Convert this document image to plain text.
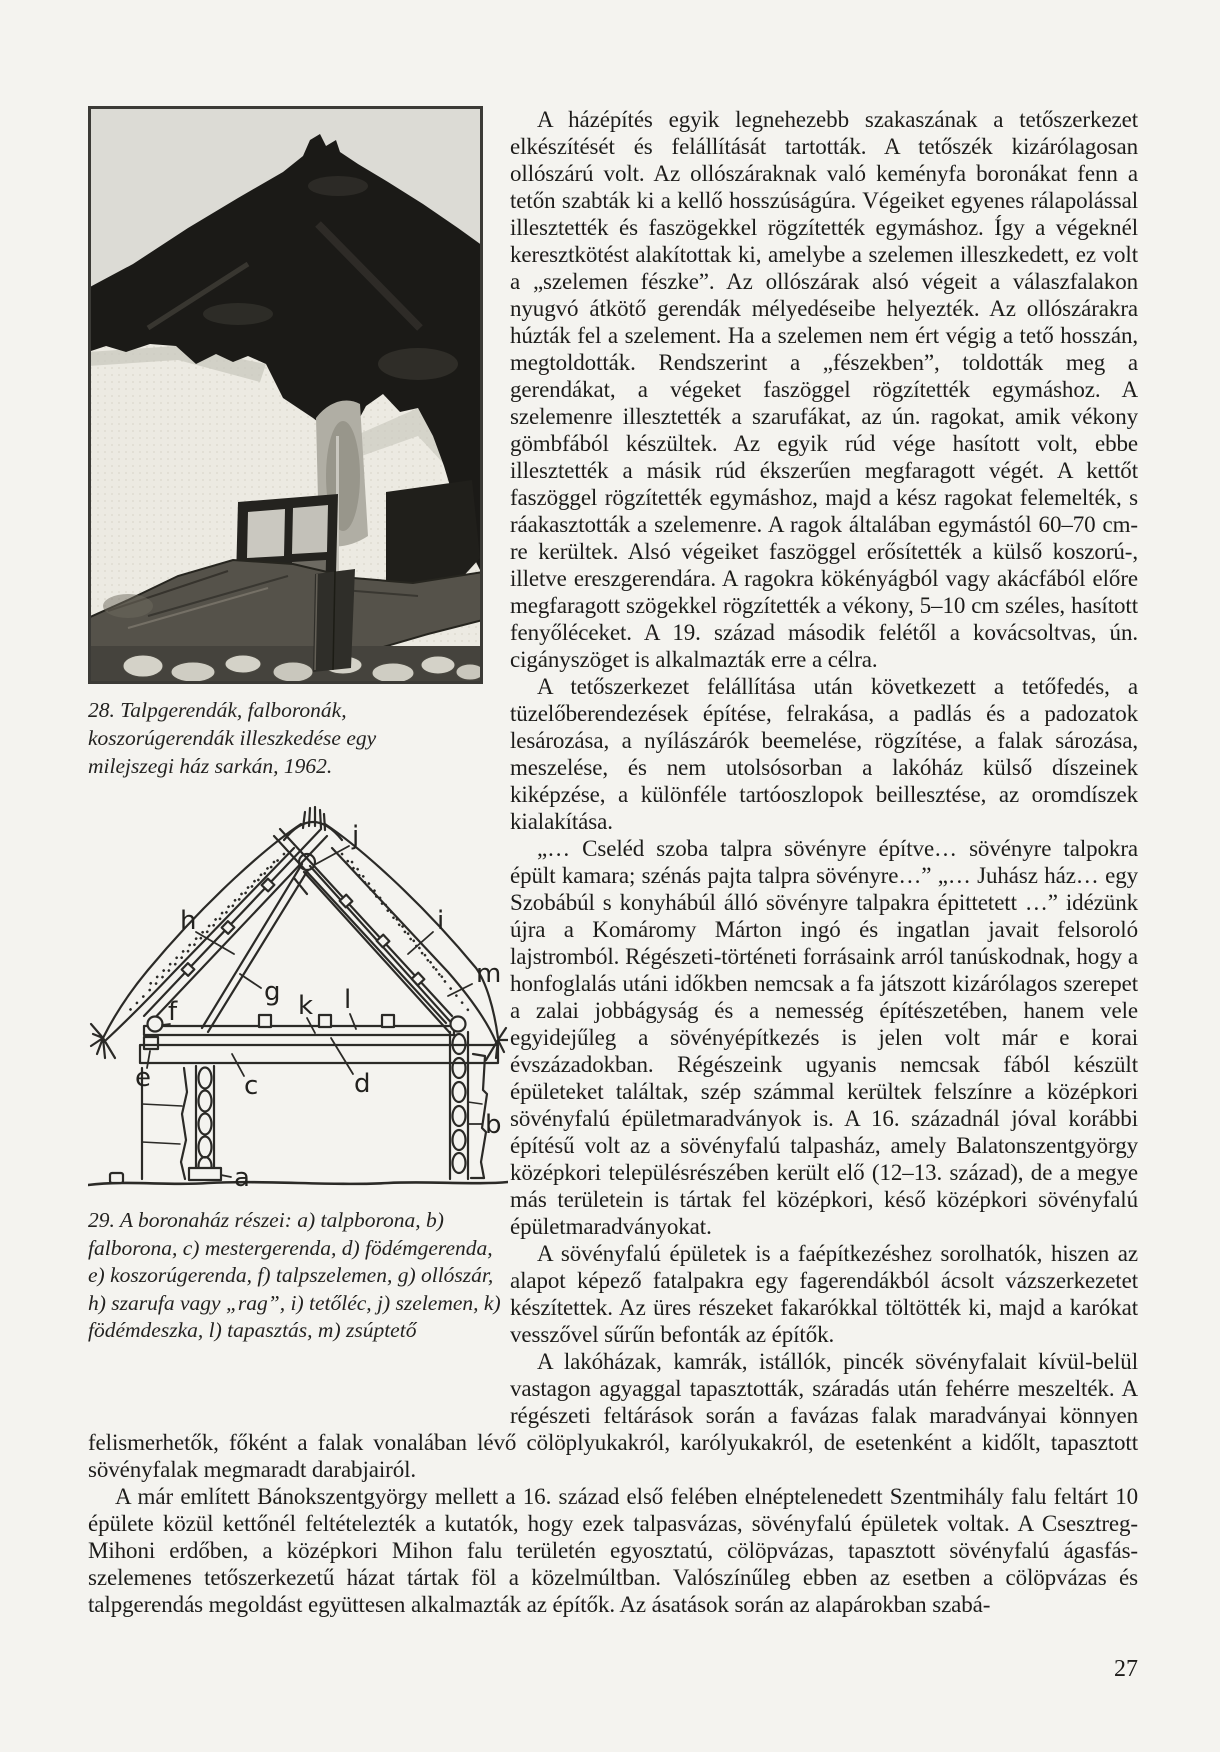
28. Talpgerendák, falboronák, koszorúgerendák illeszkedése egy milejszegi ház sarkán, 1962.
h
g
j
i
m
f
e
k l
c	d
a
b
29. A boronaház részei: a) talpborona, b) falborona, c) mestergerenda, d) födémgerenda, e) koszorúgerenda, f) talpszelemen, g) ollószár, h) szarufa vagy „rag”, i) tetőléc, j) szelemen, k) födémdeszka, l) tapasztás, m) zsúptető

A házépítés egyik legnehezebb szakaszának a tetőszerkezet elkészítését és felállítását tartották. A tetőszék kizárólagosan ollószárú volt. Az ollószáraknak való keményfa boronákat fenn a tetőn szabták ki a kellő hosszúságúra. Végeiket egyenes rálapolással illesztették és faszögekkel rögzítették egymáshoz. Így a végeknél keresztkötést alakítottak ki, amelybe a szelemen illeszkedett, ez volt a „szelemen fészke”. Az ollószárak alsó végeit a válaszfalakon nyugvó átkötő gerendák mélyedéseibe helyezték. Az ollószárakra húzták fel a szelement. Ha a szelemen nem ért végig a tető hosszán, megtoldották. Rendszerint a „fészekben”, toldották meg a gerendákat, a végeket faszöggel rögzítették egymáshoz. A szelemenre illesztették a szarufákat, az ún. ragokat, amik vékony gömbfából készültek. Az egyik rúd vége hasított volt, ebbe illesztették a másik rúd ékszerűen megfaragott végét. A kettőt faszöggel rögzítették egymáshoz, majd a kész ragokat felemelték, s ráakasztották a szelemenre. A ragok általában egymástól 60–70 cm-re kerültek. Alsó végeiket faszöggel erősítették a külső koszorú-, illetve ereszgerendára. A ragokra kökényágból vagy akácfából előre megfaragott szögekkel rögzítették a vékony, 5–10 cm széles, hasított fenyőléceket. A 19. század második felétől a kovácsoltvas, ún. cigányszöget is alkalmazták erre a célra.

A tetőszerkezet felállítása után következett a tetőfedés, a tüzelőberendezések építése, felrakása, a padlás és a padozatok lesározása, a nyílászárók beemelése, rögzítése, a falak sározása, meszelése, és nem utolsósorban a lakóház külső díszeinek kiképzése, a különféle tartóoszlopok beillesztése, az oromdíszek kialakítása.

„… Cseléd szoba talpra sövényre építve… sövényre talpokra épült kamara; szénás pajta talpra sövényre…” „… Juhász ház… egy Szobábúl s konyhábúl álló sövényre talpakra épittetett …” idézünk újra a Komáromy Márton ingó és ingatlan javait felsoroló lajstromból. Régészeti-történeti forrásaink arról tanúskodnak, hogy a honfoglalás utáni időkben nemcsak a fa játszott kizárólagos szerepet a zalai jobbágyság és a nemesség építészetében, hanem vele egyidejűleg a sövényépítkezés is jelen volt már e korai évszázadokban. Régészeink ugyanis nemcsak fából készült épületeket találtak, szép számmal kerültek felszínre a középkori sövényfalú épületmaradványok is. A 16. századnál jóval korábbi építésű volt az a sövényfalú talpasház, amely Balatonszentgyörgy középkori településrészében került elő (12–13. század), de a megye más területein is tártak fel középkori, késő középkori sövényfalú épületmaradványokat.

A sövényfalú épületek is a faépítkezéshez sorolhatók, hiszen az alapot képező fatalpakra egy fagerendákból ácsolt vázszerkezetet készítettek. Az üres részeket fakarókkal töltötték ki, majd a karókat vesszővel sűrűn befonták az építők.

A lakóházak, kamrák, istállók, pincék sövényfalait kívül-belül vastagon agyaggal tapasztották, száradás után fehérre meszelték. A régészeti feltárások során a favázas falak maradványai könnyen felismerhetők, főként a falak vonalában lévő cölöplyukakról, karólyukakról, de esetenként a kidőlt, tapasztott sövényfalak megmaradt darabjairól.

A már említett Bánokszentgyörgy mellett a 16. század első felében elnéptelenedett Szentmihály falu feltárt 10 épülete közül kettőnél feltételezték a kutatók, hogy ezek talpasvázas, sövényfalú épületek voltak. A Csesztreg-Mihoni erdőben, a középkori Mihon falu területén egyosztatú, cölöpvázas, tapasztott sövényfalú ágasfás-szelemenes tetőszerkezetű házat tártak föl a közelmúltban. Valószínűleg ebben az esetben a cölöpvázas és talpgerendás megoldást együttesen alkalmazták az építők. Az ásatások során az alapárokban szabá-

27
